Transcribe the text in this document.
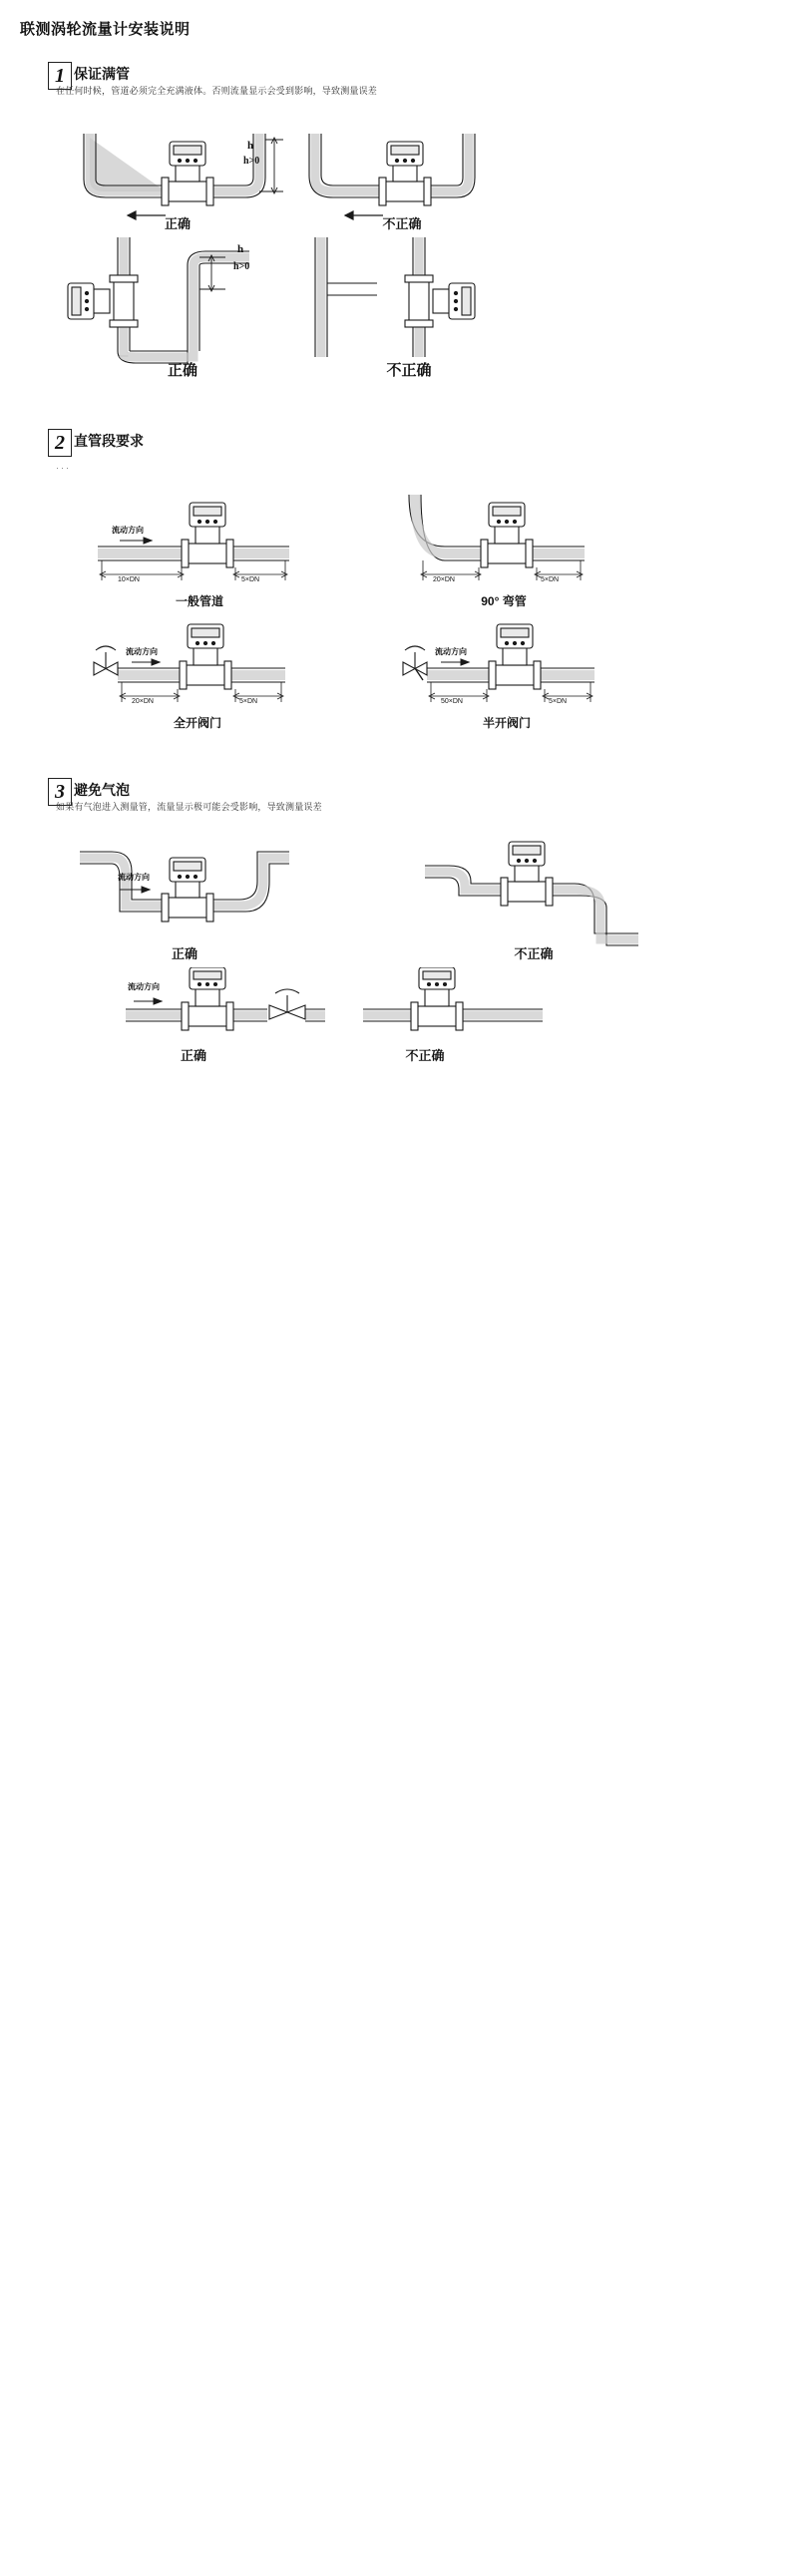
联测涡轮流量计安装说明
1 保证满管
在任何时候，管道必须完全充满液体。否则流量显示会受到影响，导致测量误差
h
h>0
正确	不正确
h
h>0
正确	不正确
2 直管段要求
···
流动方向
10×DN	5×DN
一般管道
20×DN	5×DN
90° 弯管
流动方向
20×DN	5×DN
全开阀门
流动方向
50×DN	5×DN
半开阀门
3 避免气泡
如果有气泡进入测量管，流量显示极可能会受影响，导致测量误差
流动方向
正确	不正确
流动方向
正确	不正确
